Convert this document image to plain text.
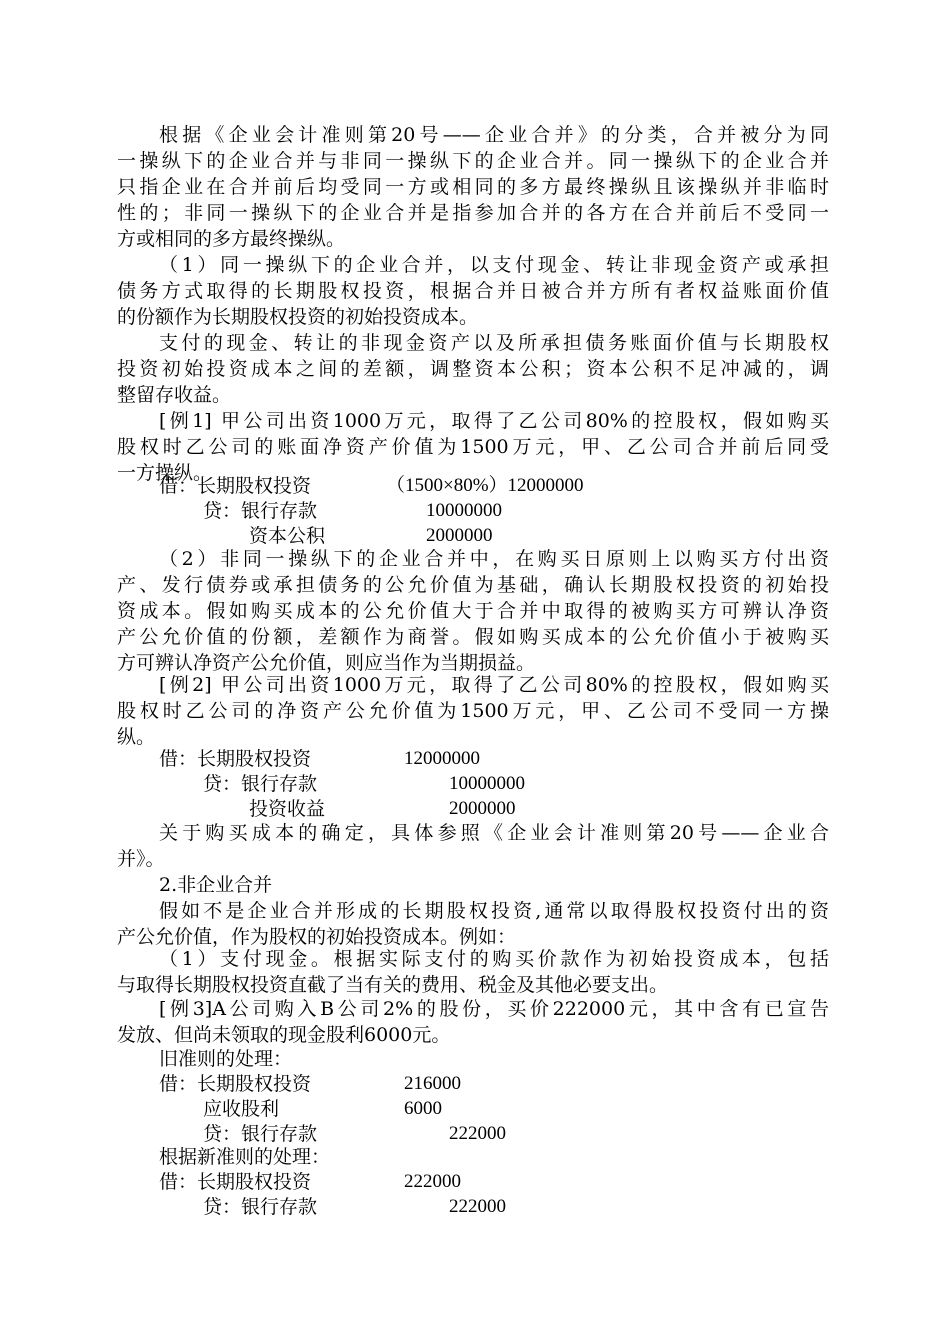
根据《企业会计准则第20号——企业合并》的分类，合并被分为同
一操纵下的企业合并与非同一操纵下的企业合并。同一操纵下的企业合并
只指企业在合并前后均受同一方或相同的多方最终操纵且该操纵并非临时
性的；非同一操纵下的企业合并是指参加合并的各方在合并前后不受同一
方或相同的多方最终操纵。
（1）同一操纵下的企业合并，以支付现金、转让非现金资产或承担
债务方式取得的长期股权投资，根据合并日被合并方所有者权益账面价值
的份额作为长期股权投资的初始投资成本。
支付的现金、转让的非现金资产以及所承担债务账面价值与长期股权
投资初始投资成本之间的差额，调整资本公积；资本公积不足冲减的，调
整留存收益。
[例1] 甲公司出资1000万元，取得了乙公司80%的控股权，假如购买
股权时乙公司的账面净资产价值为1500万元，甲、乙公司合并前后同受
一方操纵。
借：长期股权投资	（1500×80%）12000000
贷：银行存款	10000000
资本公积	2000000
（2）非同一操纵下的企业合并中，在购买日原则上以购买方付出资
产、发行债券或承担债务的公允价值为基础，确认长期股权投资的初始投
资成本。假如购买成本的公允价值大于合并中取得的被购买方可辨认净资
产公允价值的份额，差额作为商誉。假如购买成本的公允价值小于被购买
方可辨认净资产公允价值，则应当作为当期损益。
[例2] 甲公司出资1000万元，取得了乙公司80%的控股权，假如购买
股权时乙公司的净资产公允价值为1500万元，甲、乙公司不受同一方操
纵。
借：长期股权投资	12000000
贷：银行存款	10000000
投资收益	2000000
关于购买成本的确定，具体参照《企业会计准则第20号——企业合
并》。
2.非企业合并
假如不是企业合并形成的长期股权投资,通常以取得股权投资付出的资
产公允价值，作为股权的初始投资成本。例如：
（1）支付现金。根据实际支付的购买价款作为初始投资成本，包括
与取得长期股权投资直截了当有关的费用、税金及其他必要支出。
[例3]A公司购入B公司2%的股份，买价222000元，其中含有已宣告
发放、但尚未领取的现金股利6000元。
旧准则的处理：
借：长期股权投资	216000
应收股利	6000
贷：银行存款	222000
根据新准则的处理：
借：长期股权投资	222000
贷：银行存款	222000
